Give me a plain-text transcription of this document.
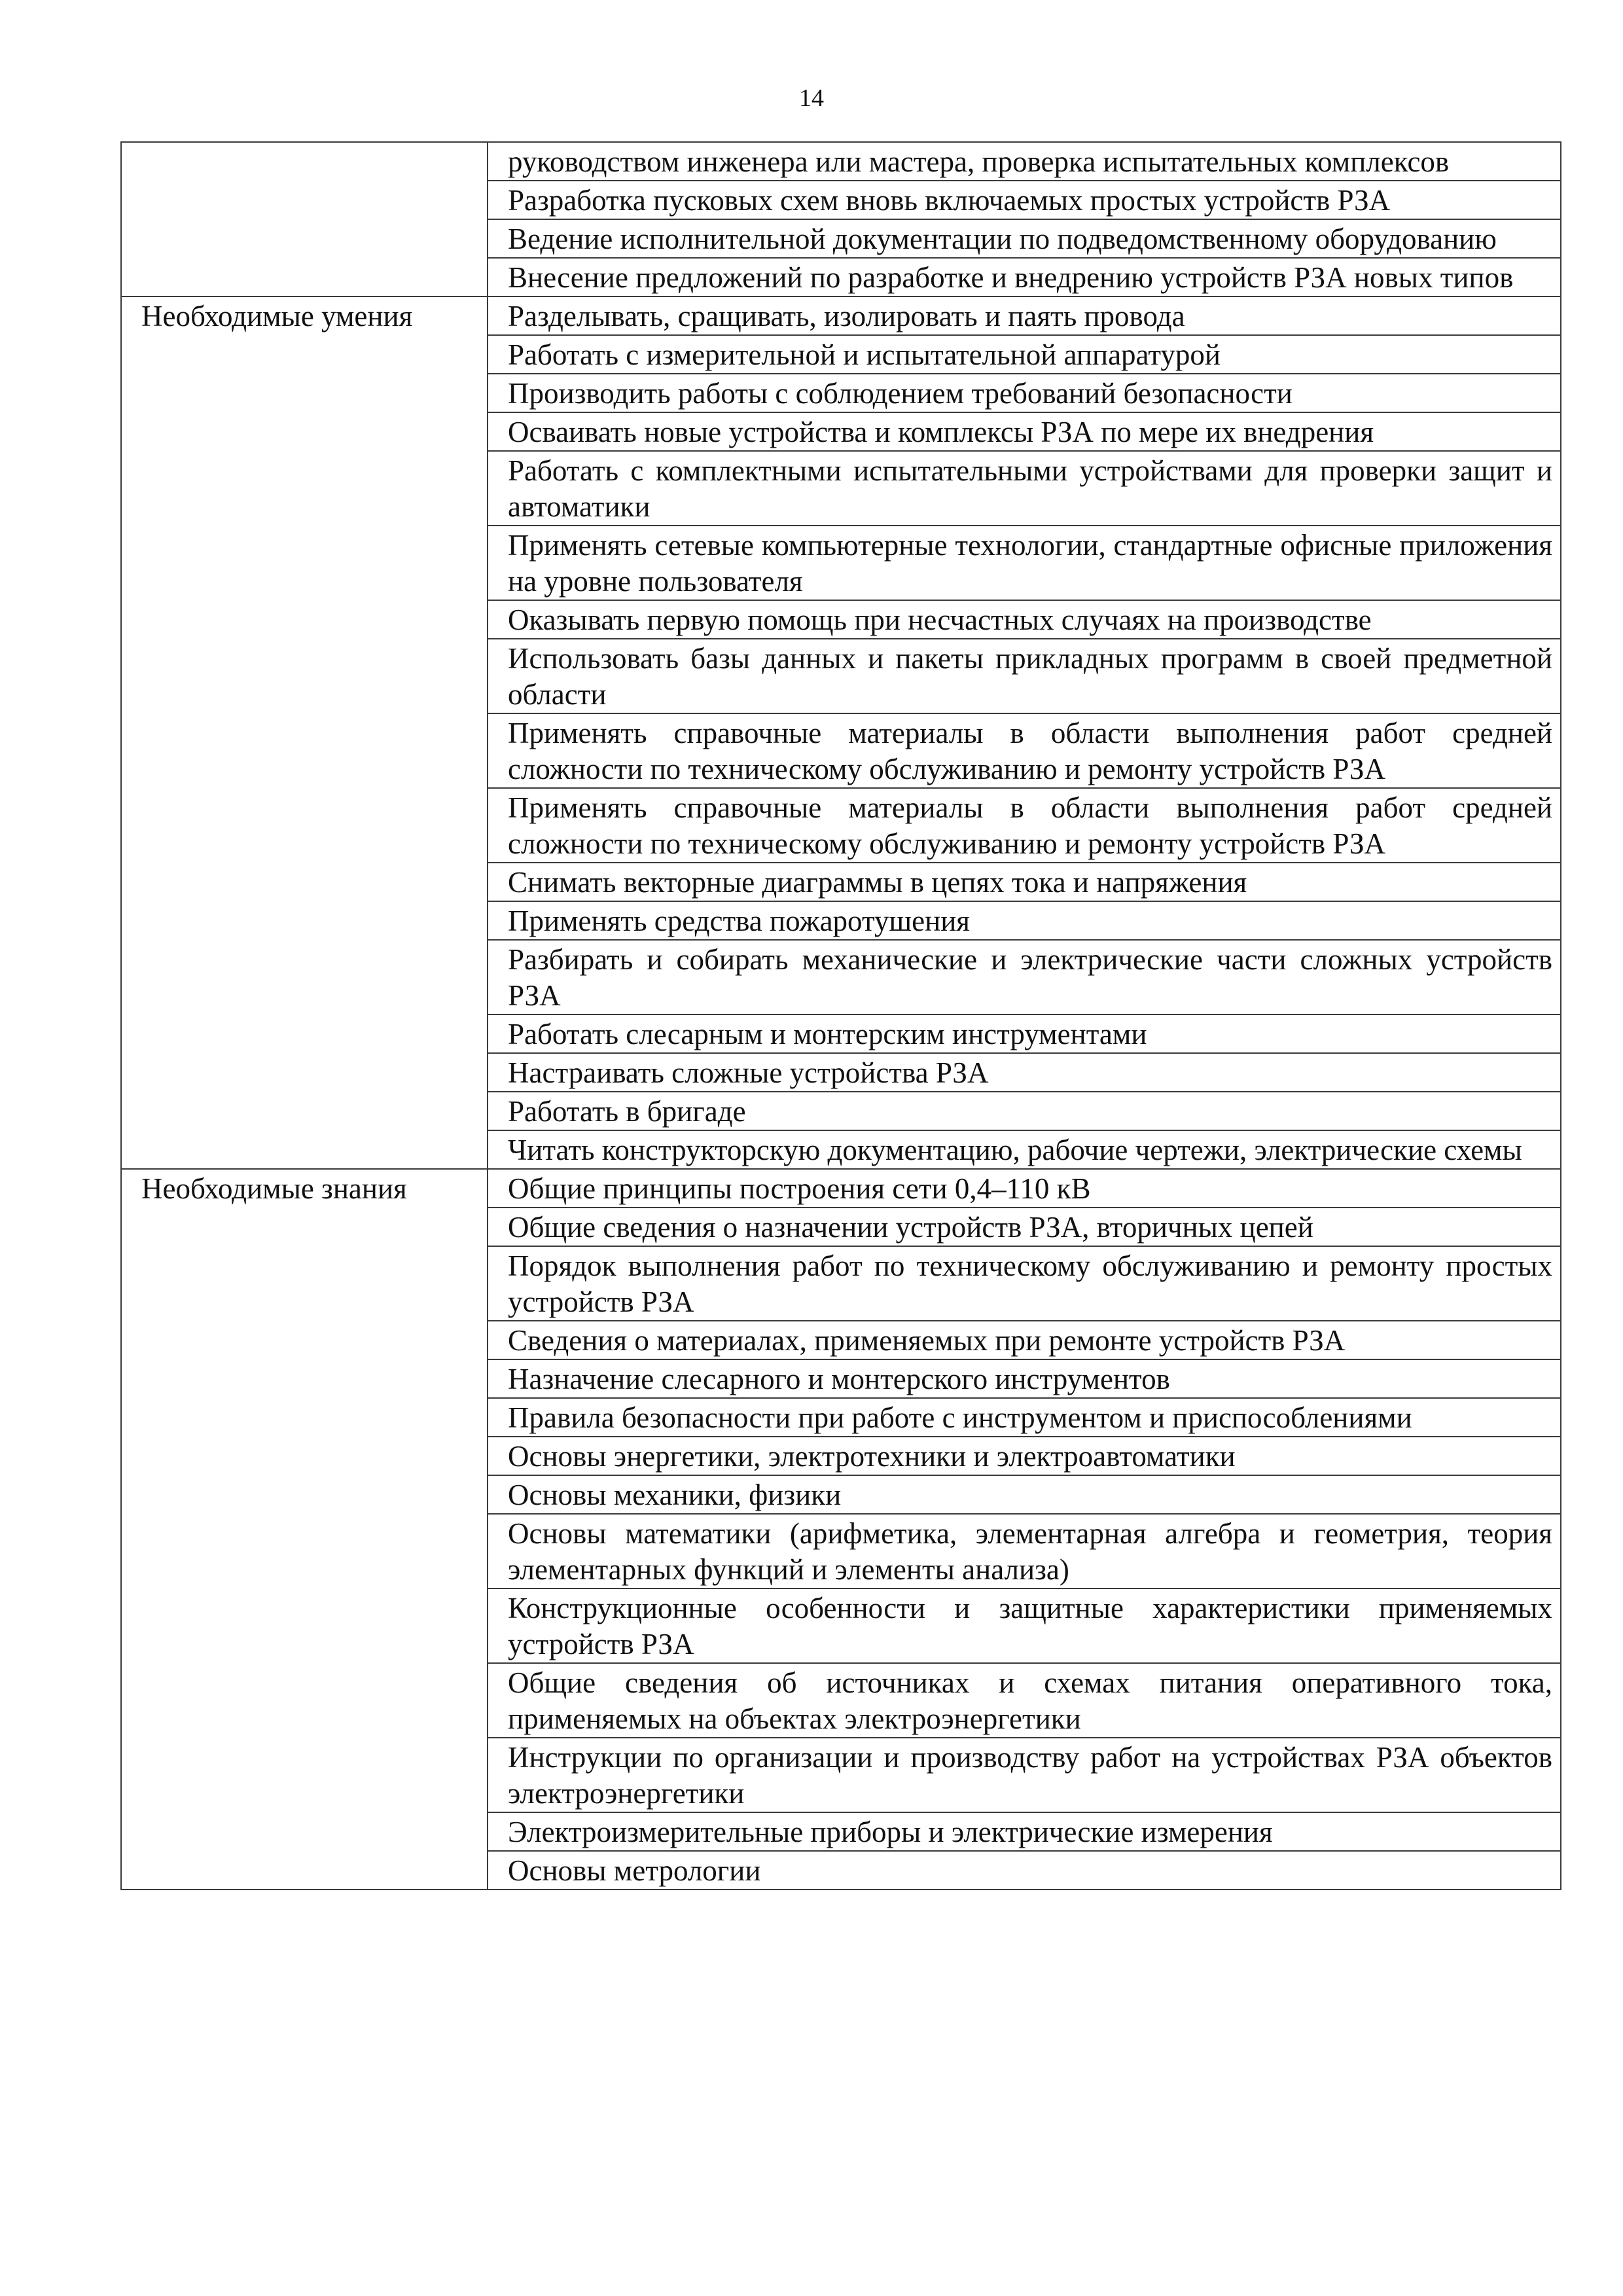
14
	руководством инженера или мастера, проверка испытательных комплексов
	Разработка пусковых схем вновь включаемых простых устройств РЗА
	Ведение исполнительной документации по подведомственному оборудованию
	Внесение предложений по разработке и внедрению устройств РЗА новых типов
Необходимые умения	Разделывать, сращивать, изолировать и паять провода
	Работать с измерительной и испытательной аппаратурой
	Производить работы с соблюдением требований безопасности
	Осваивать новые устройства и комплексы РЗА по мере их внедрения
	Работать с комплектными испытательными устройствами для проверки защит и автоматики
	Применять сетевые компьютерные технологии, стандартные офисные приложения на уровне пользователя
	Оказывать первую помощь при несчастных случаях на производстве
	Использовать базы данных и пакеты прикладных программ в своей предметной области
	Применять справочные материалы в области выполнения работ средней сложности по техническому обслуживанию и ремонту устройств РЗА
	Применять справочные материалы в области выполнения работ средней сложности по техническому обслуживанию и ремонту устройств РЗА
	Снимать векторные диаграммы в цепях тока и напряжения
	Применять средства пожаротушения
	Разбирать и собирать механические и электрические части сложных устройств РЗА
	Работать слесарным и монтерским инструментами
	Настраивать сложные устройства РЗА
	Работать в бригаде
	Читать конструкторскую документацию, рабочие чертежи, электрические схемы
Необходимые знания	Общие принципы построения сети 0,4–110 кВ
	Общие сведения о назначении устройств РЗА, вторичных цепей
	Порядок выполнения работ по техническому обслуживанию и ремонту простых устройств РЗА
	Сведения о материалах, применяемых при ремонте устройств РЗА
	Назначение слесарного и монтерского инструментов
	Правила безопасности при работе с инструментом и приспособлениями
	Основы энергетики, электротехники и электроавтоматики
	Основы механики, физики
	Основы математики (арифметика, элементарная алгебра и геометрия, теория элементарных функций и элементы анализа)
	Конструкционные особенности и защитные характеристики применяемых устройств РЗА
	Общие сведения об источниках и схемах питания оперативного тока, применяемых на объектах электроэнергетики
	Инструкции по организации и производству работ на устройствах РЗА объектов электроэнергетики
	Электроизмерительные приборы и электрические измерения
	Основы метрологии
